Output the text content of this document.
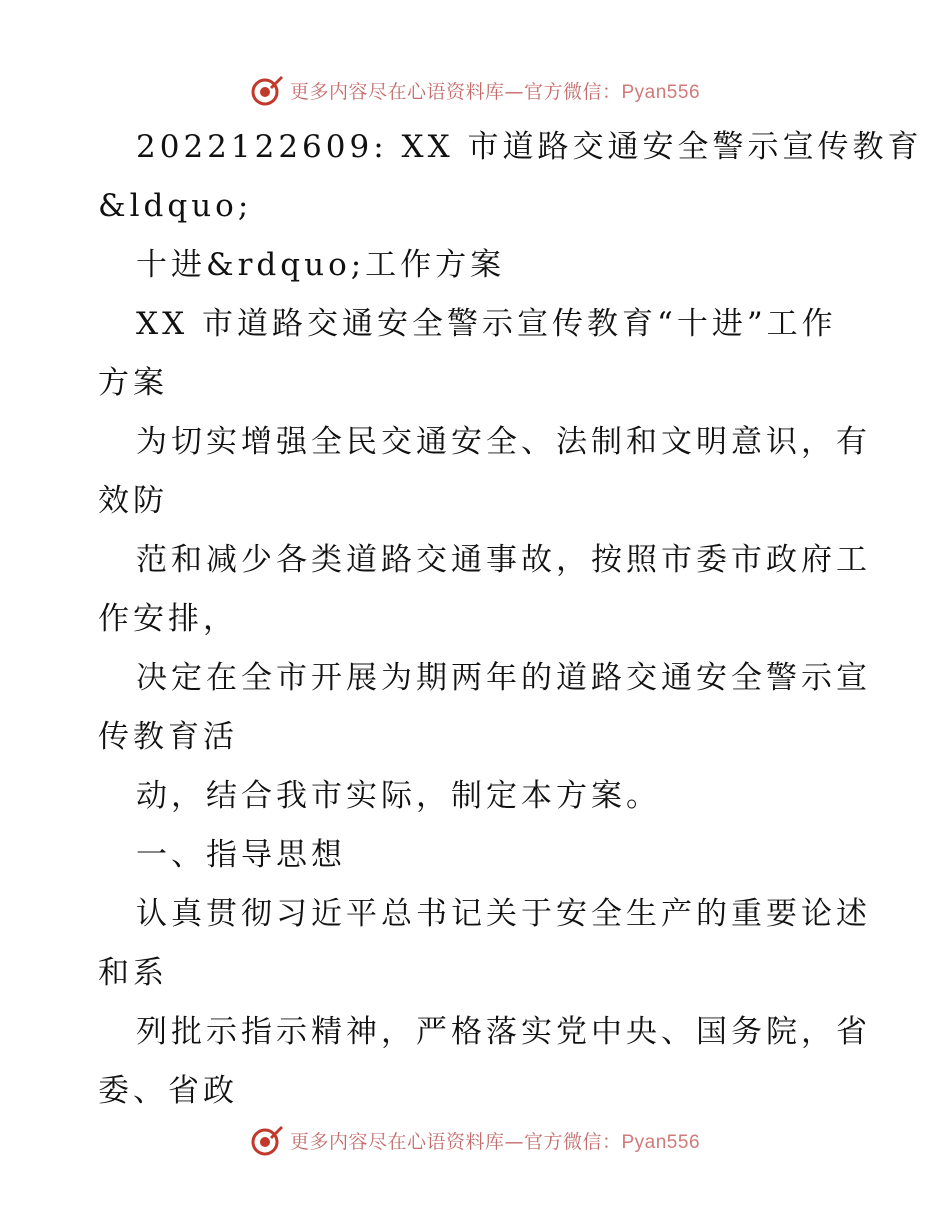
更多内容尽在心语资料库—官方微信：Pyan556
2022122609: XX 市道路交通安全警示宣传教育
&ldquo;
十进&rdquo;工作方案
XX 市道路交通安全警示宣传教育“十进”工作
方案
为切实增强全民交通安全、法制和文明意识，有
效防
范和减少各类道路交通事故，按照市委市政府工
作安排，
决定在全市开展为期两年的道路交通安全警示宣
传教育活
动，结合我市实际，制定本方案。
一、指导思想
认真贯彻习近平总书记关于安全生产的重要论述
和系
列批示指示精神，严格落实党中央、国务院，省
委、省政
更多内容尽在心语资料库—官方微信：Pyan556
